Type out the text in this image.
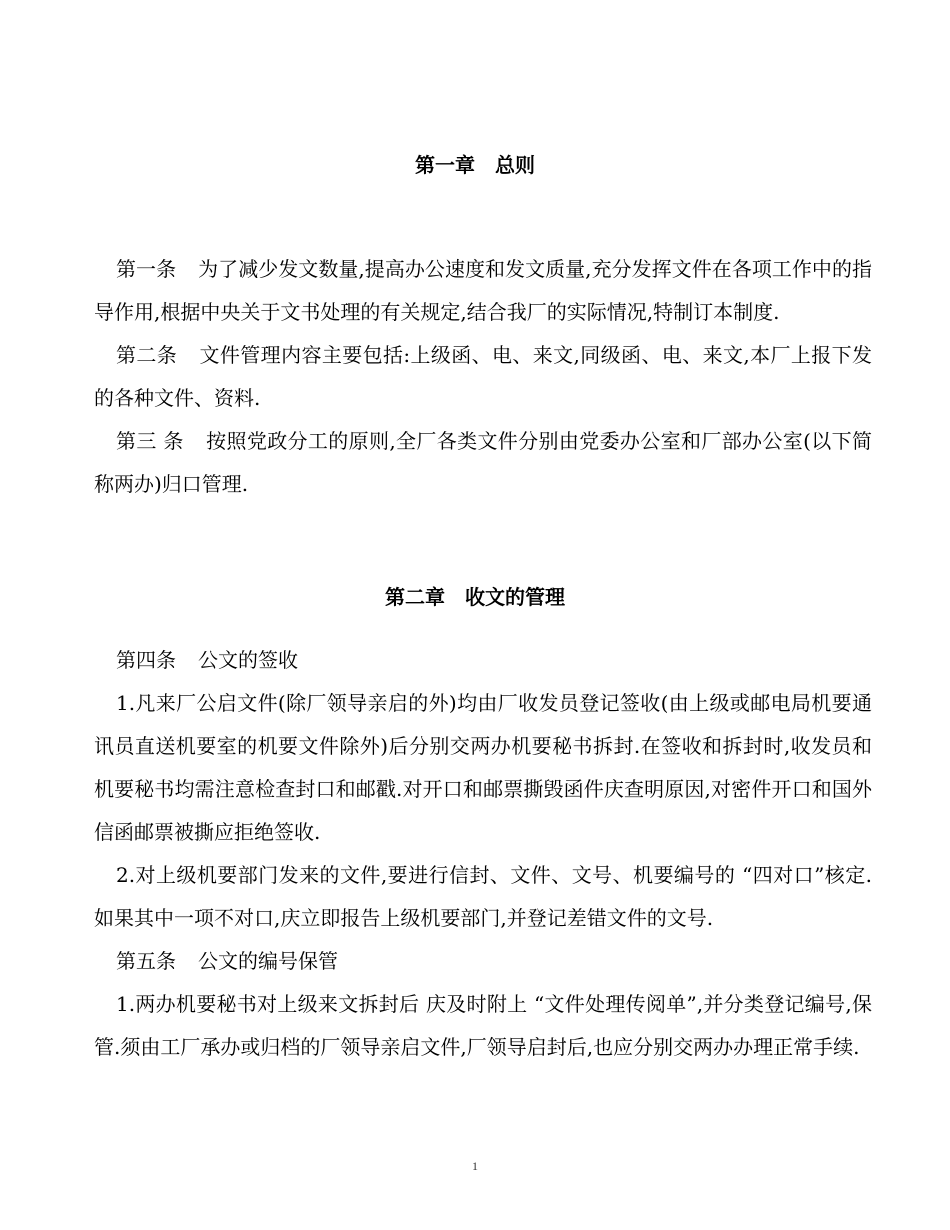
第一章 总则

第一条 为了减少发文数量,提高办公速度和发文质量,充分发挥文件在各项工作中的指导作用,根据中央关于文书处理的有关规定,结合我厂的实际情况,特制订本制度.

第二条 文件管理内容主要包括:上级函、电、来文,同级函、电、来文,本厂上报下发的各种文件、资料.

第三 条 按照党政分工的原则,全厂各类文件分别由党委办公室和厂部办公室(以下简称两办)归口管理.

第二章 收文的管理

第四条 公文的签收

1.凡来厂公启文件(除厂领导亲启的外)均由厂收发员登记签收(由上级或邮电局机要通讯员直送机要室的机要文件除外)后分别交两办机要秘书拆封.在签收和拆封时,收发员和机要秘书均需注意检查封口和邮戳.对开口和邮票撕毁函件庆查明原因,对密件开口和国外信函邮票被撕应拒绝签收.

2.对上级机要部门发来的文件,要进行信封、文件、文号、机要编号的 “四对口”核定.如果其中一项不对口,庆立即报告上级机要部门,并登记差错文件的文号.

第五条 公文的编号保管

1.两办机要秘书对上级来文拆封后 庆及时附上 “文件处理传阅单”,并分类登记编号,保管.须由工厂承办或归档的厂领导亲启文件,厂领导启封后,也应分别交两办办理正常手续.

1
